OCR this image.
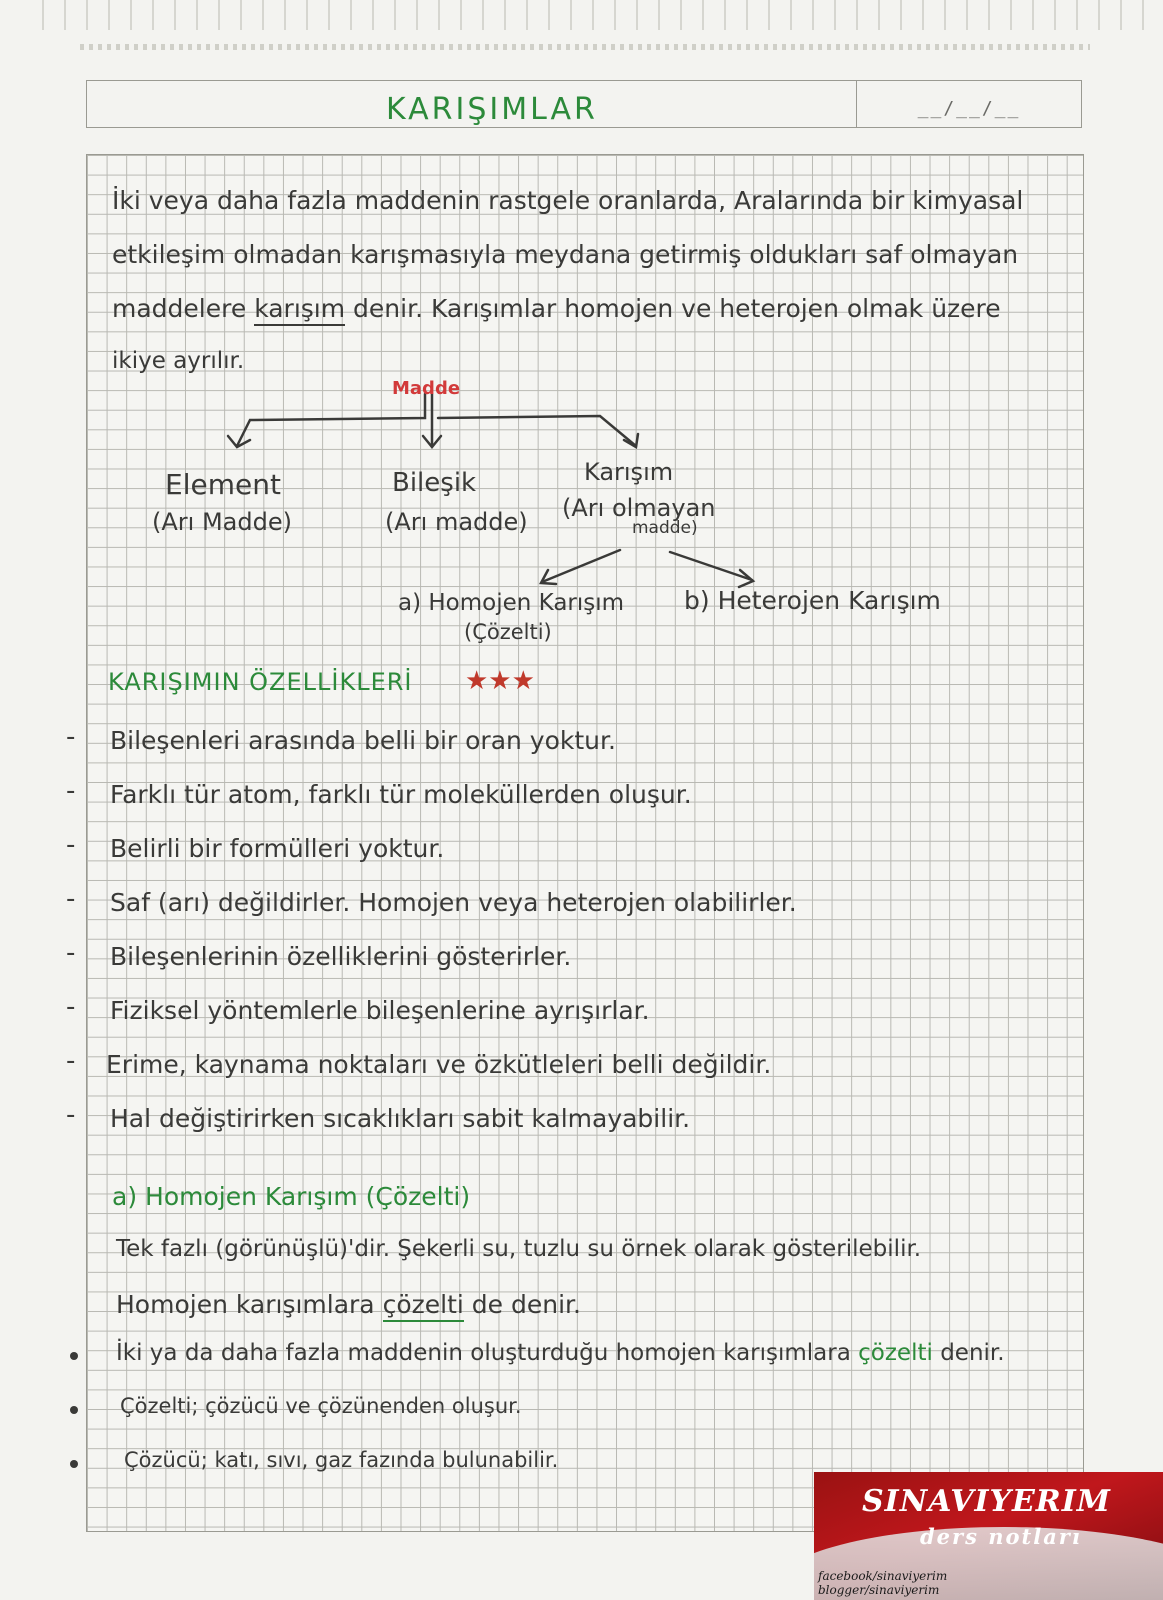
__/__/__
KARIŞIMLAR
İki veya daha fazla maddenin rastgele oranlarda, Aralarında bir kimyasal
etkileşim olmadan karışmasıyla meydana getirmiş oldukları saf olmayan
maddelere karışım denir. Karışımlar homojen ve heterojen olmak üzere
ikiye ayrılır.
Madde
Element
(Arı Madde)
Bileşik
(Arı madde)
Karışım
(Arı olmayan
madde)
a) Homojen Karışım
(Çözelti)
b) Heterojen Karışım
KARIŞIMIN ÖZELLİKLERİ ★★★
- Bileşenleri arasında belli bir oran yoktur.
- Farklı tür atom, farklı tür moleküllerden oluşur.
- Belirli bir formülleri yoktur.
- Saf (arı) değildirler. Homojen veya heterojen olabilirler.
- Bileşenlerinin özelliklerini gösterirler.
- Fiziksel yöntemlerle bileşenlerine ayrışırlar.
- Erime, kaynama noktaları ve özkütleleri belli değildir.
- Hal değiştirirken sıcaklıkları sabit kalmayabilir.
a) Homojen Karışım (Çözelti)
Tek fazlı (görünüşlü)'dir. Şekerli su, tuzlu su örnek olarak gösterilebilir.
Homojen karışımlara çözelti de denir.
İki ya da daha fazla maddenin oluşturduğu homojen karışımlara çözelti denir.
Çözelti; çözücü ve çözünenden oluşur.
Çözücü; katı, sıvı, gaz fazında bulunabilir.
SINAVIYERIM
ders notları
facebook/sinaviyerim
blogger/sinaviyerim
